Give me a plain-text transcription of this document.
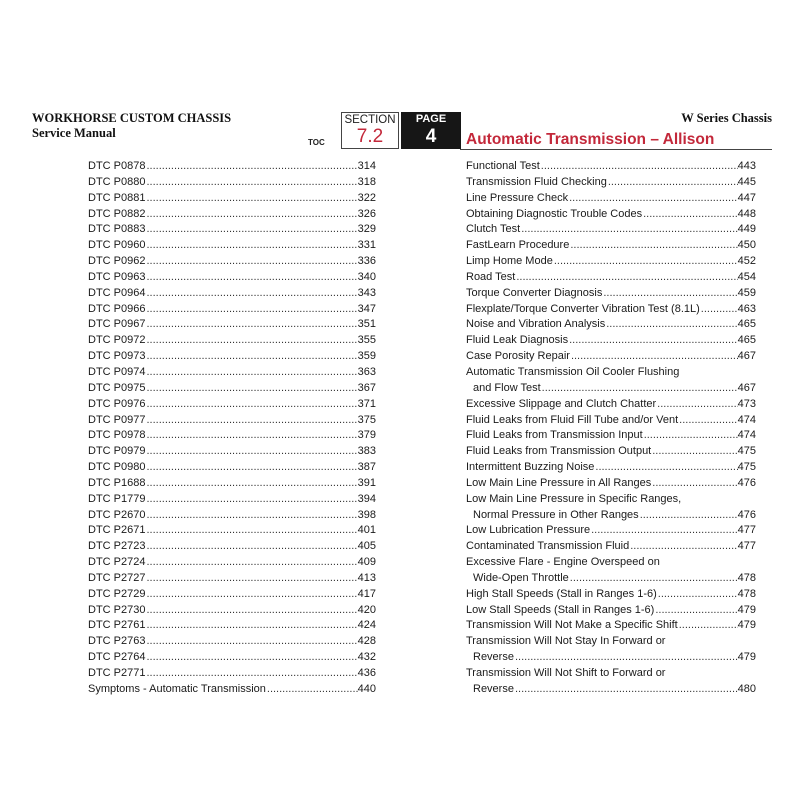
WORKHORSE CUSTOM CHASSIS
Service Manual
TOC
SECTION
7.2
PAGE
4
W Series Chassis
Automatic Transmission – Allison
DTC P0878 .....	314
DTC P0880 .....	318
DTC P0881 .....	322
DTC P0882 .....	326
DTC P0883 .....	329
DTC P0960 .....	331
DTC P0962 .....	336
DTC P0963 .....	340
DTC P0964 .....	343
DTC P0966 .....	347
DTC P0967 .....	351
DTC P0972 .....	355
DTC P0973 .....	359
DTC P0974 .....	363
DTC P0975 .....	367
DTC P0976 .....	371
DTC P0977 .....	375
DTC P0978 .....	379
DTC P0979 .....	383
DTC P0980 .....	387
DTC P1688 .....	391
DTC P1779 .....	394
DTC P2670 .....	398
DTC P2671 .....	401
DTC P2723 .....	405
DTC P2724 .....	409
DTC P2727 .....	413
DTC P2729 .....	417
DTC P2730 .....	420
DTC P2761 .....	424
DTC P2763 .....	428
DTC P2764 .....	432
DTC P2771 .....	436
Symptoms - Automatic Transmission .....	440
Functional Test .....	443
Transmission Fluid Checking .....	445
Line Pressure Check .....	447
Obtaining Diagnostic Trouble Codes .....	448
Clutch Test .....	449
FastLearn Procedure .....	450
Limp Home Mode .....	452
Road Test .....	454
Torque Converter Diagnosis .....	459
Flexplate/Torque Converter Vibration Test (8.1L) .....	463
Noise and Vibration Analysis .....	465
Fluid Leak Diagnosis .....	465
Case Porosity Repair .....	467
Automatic Transmission Oil Cooler Flushing
and Flow Test .....	467
Excessive Slippage and Clutch Chatter .....	473
Fluid Leaks from Fluid Fill Tube and/or Vent .....	474
Fluid Leaks from Transmission Input .....	474
Fluid Leaks from Transmission Output .....	475
Intermittent Buzzing Noise .....	475
Low Main Line Pressure in All Ranges .....	476
Low Main Line Pressure in Specific Ranges,
Normal Pressure in Other Ranges .....	476
Low Lubrication Pressure .....	477
Contaminated Transmission Fluid .....	477
Excessive Flare - Engine Overspeed on
Wide-Open Throttle .....	478
High Stall Speeds (Stall in Ranges 1-6) .....	478
Low Stall Speeds (Stall in Ranges 1-6) .....	479
Transmission Will Not Make a Specific Shift .....	479
Transmission Will Not Stay In Forward or
Reverse .....	479
Transmission Will Not Shift to Forward or
Reverse .....	480
